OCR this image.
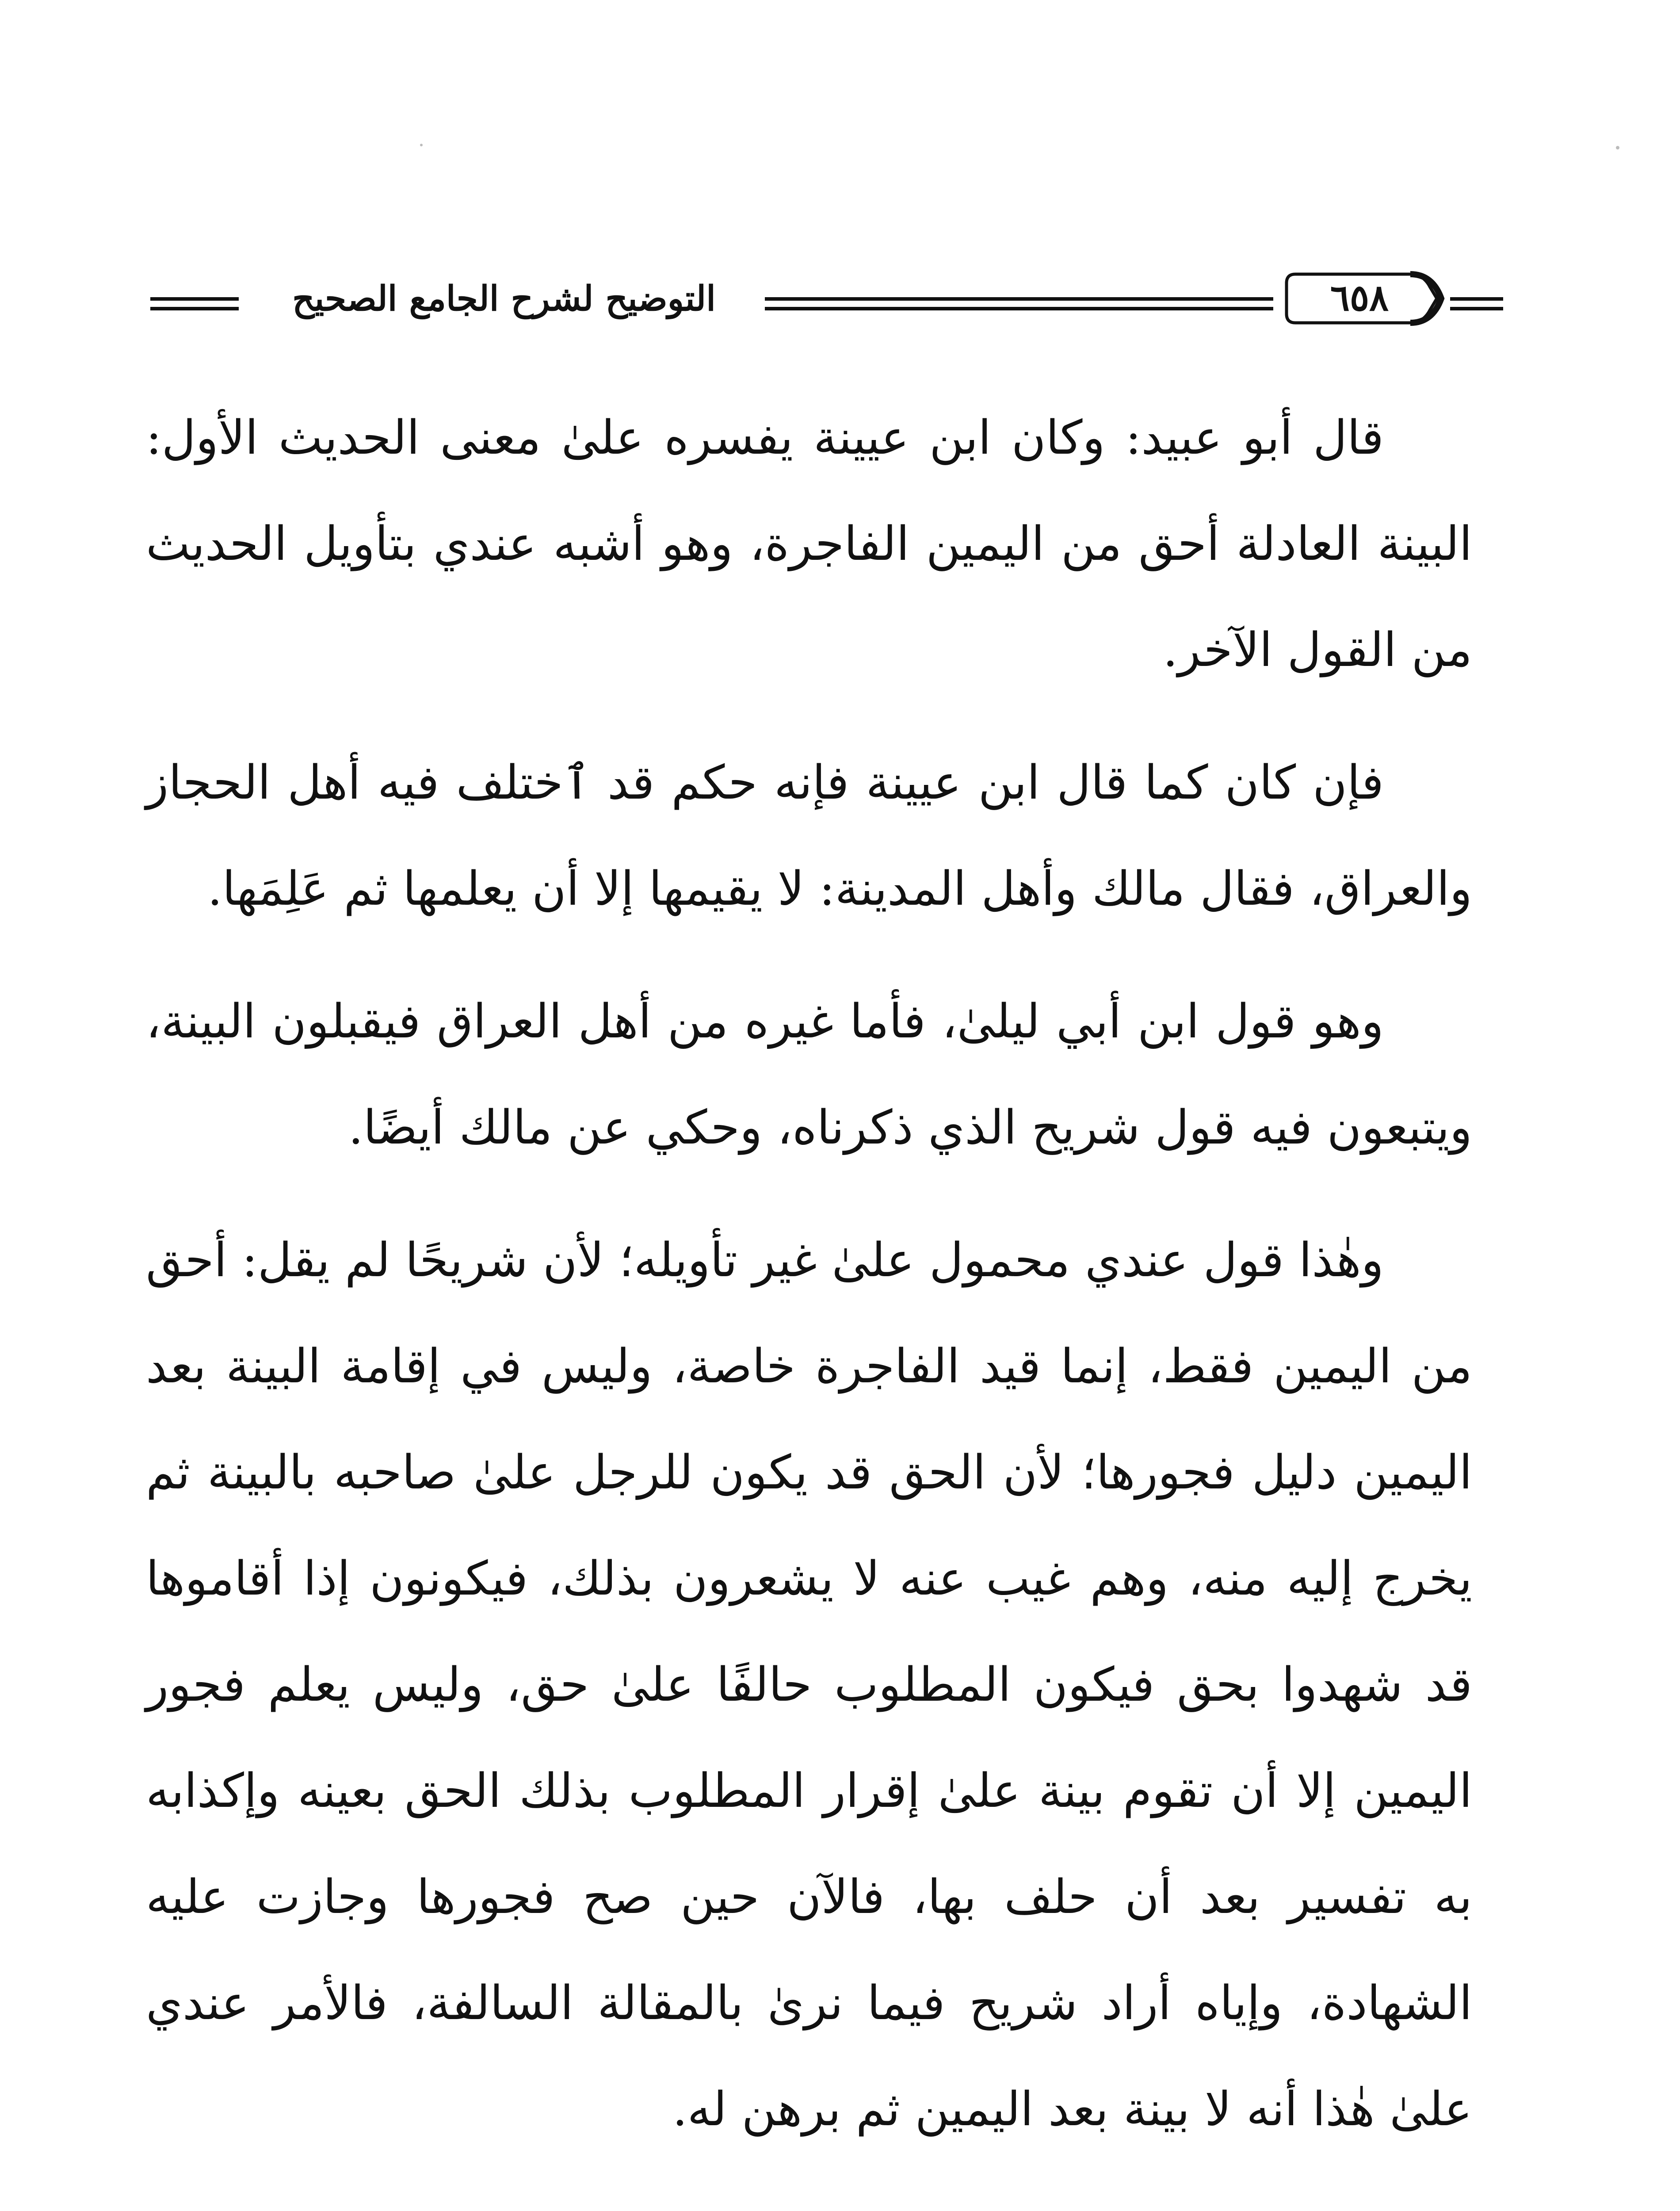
التوضيح لشرح الجامع الصحيح	٦٥٨

قال أبو عبيد: وكان ابن عيينة يفسره علىٰ معنى الحديث الأول: البينة العادلة أحق من اليمين الفاجرة، وهو أشبه عندي بتأويل الحديث من القول الآخر.

فإن كان كما قال ابن عيينة فإنه حكم قد ٱختلف فيه أهل الحجاز والعراق، فقال مالك وأهل المدينة: لا يقيمها إلا أن يعلمها ثم عَلِمَها.

وهو قول ابن أبي ليلىٰ، فأما غيره من أهل العراق فيقبلون البينة، ويتبعون فيه قول شريح الذي ذكرناه، وحكي عن مالك أيضًا.

وهٰذا قول عندي محمول علىٰ غير تأويله؛ لأن شريحًا لم يقل: أحق من اليمين فقط، إنما قيد الفاجرة خاصة، وليس في إقامة البينة بعد اليمين دليل فجورها؛ لأن الحق قد يكون للرجل علىٰ صاحبه بالبينة ثم يخرج إليه منه، وهم غيب عنه لا يشعرون بذلك، فيكونون إذا أقاموها قد شهدوا بحق فيكون المطلوب حالفًا علىٰ حق، وليس يعلم فجور اليمين إلا أن تقوم بينة علىٰ إقرار المطلوب بذلك الحق بعينه وإكذابه به تفسير بعد أن حلف بها، فالآن حين صح فجورها وجازت عليه الشهادة، وإياه أراد شريح فيما نرىٰ بالمقالة السالفة، فالأمر عندي علىٰ هٰذا أنه لا بينة بعد اليمين ثم برهن له.
